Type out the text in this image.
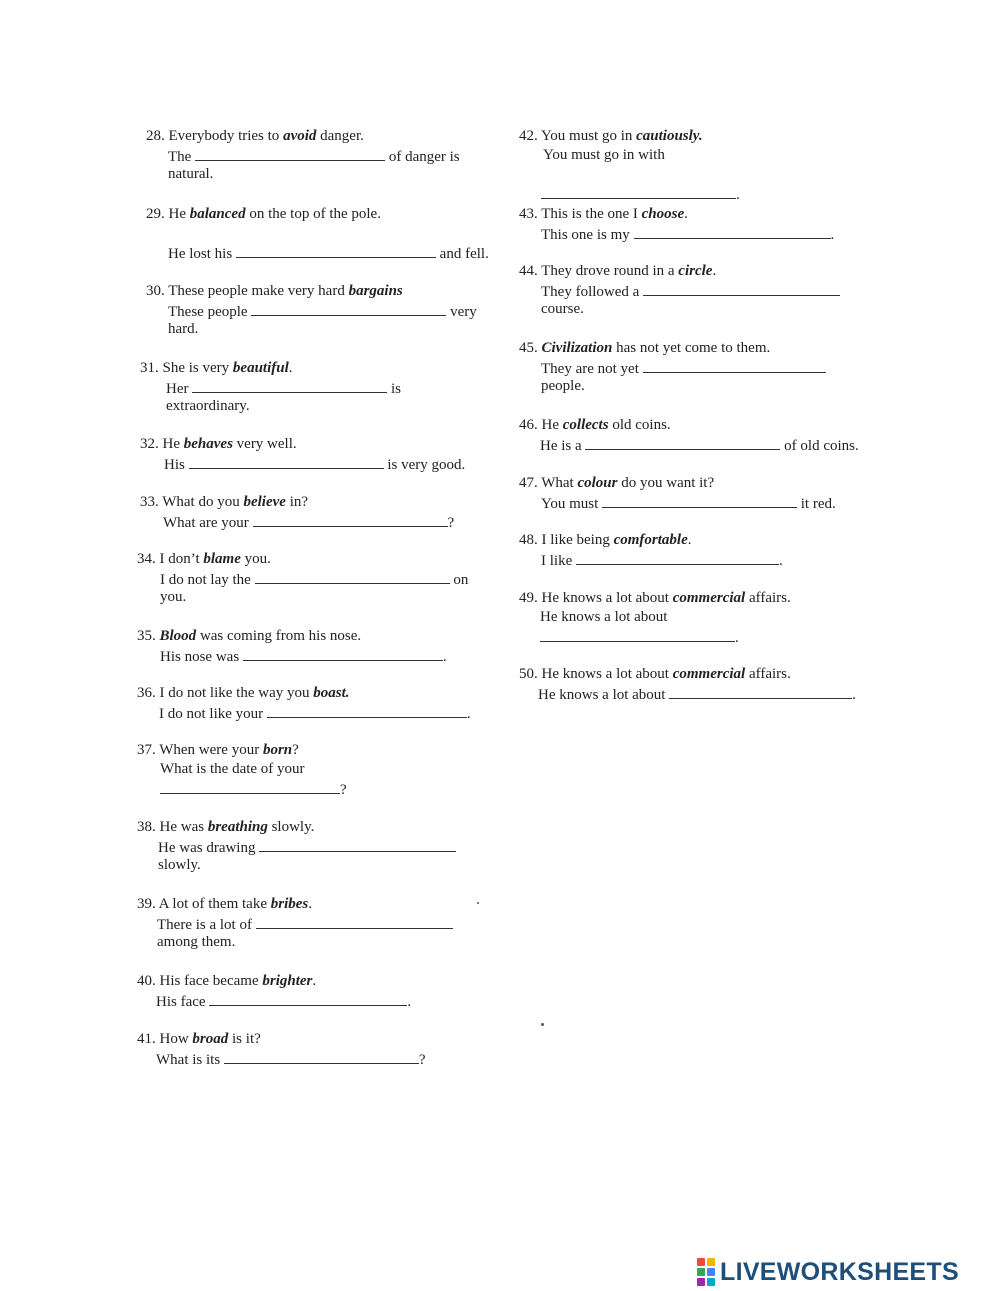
28. Everybody tries to avoid danger.
The	of danger is
natural.
29. He balanced on the top of the pole.
He lost his	and fell.
30. These people make very hard bargains
These people	very
hard.
31. She is very beautiful.
Her	is
extraordinary.
32. He behaves very well.
His	is very good.
33. What do you believe in?
What are your	?
34. I don’t blame you.
I do not lay the	on
you.
35. Blood was coming from his nose.
His nose was	.
36. I do not like the way you boast.
I do not like your	.
37. When were your born?
What is the date of your
?
38. He was breathing slowly.
He was drawing
slowly.
39. A lot of them take bribes.
There is a lot of
among them.
40. His face became brighter.
His face	.
41. How broad is it?
What is its	?
42. You must go in cautiously.
You must go in with
.
43. This is the one I choose.
This one is my	.
44. They drove round in a circle.
They followed a
course.
45. Civilization has not yet come to them.
They are not yet
people.
46. He collects old coins.
He is a	of old coins.
47. What colour do you want it?
You must	it red.
48. I like being comfortable.
I like	.
49. He knows a lot about commercial affairs.
He knows a lot about
.
50. He knows a lot about commercial affairs.
He knows a lot about	.
LIVEWORKSHEETS
